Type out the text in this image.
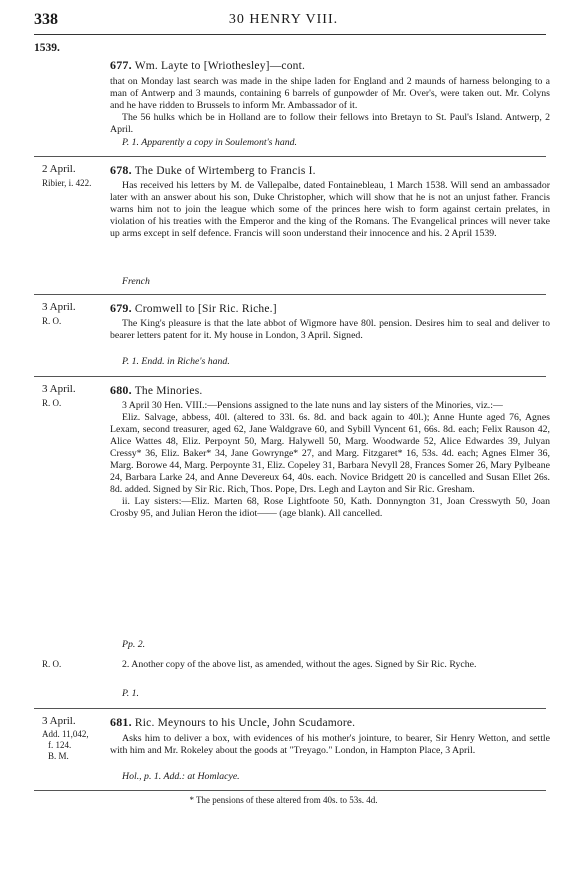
338	30 HENRY VIII.
1539.
677. Wm. Layte to [Wriothesley]—cont.

that on Monday last search was made in the shipe laden for England and 2 maunds of harness belonging to a man of Antwerp and 3 maunds, containing 6 barrels of gunpowder of Mr. Over's, were taken out. Mr. Colyns and he have ridden to Brussels to inform Mr. Ambassador of it.

The 56 hulks which be in Holland are to follow their fellows into Bretayn to St. Paul's Island. Antwerp, 2 April.

P. 1. Apparently a copy in Soulemont's hand.
2 April.
Ribier, i. 422.
678. The Duke of Wirtemberg to Francis I.

Has received his letters by M. de Vallepalbe, dated Fontainebleau, 1 March 1538. Will send an ambassador later with an answer about his son, Duke Christopher, which will show that he is not an unjust father. Francis warns him not to join the league which some of the princes here wish to form against certain prelates, in violation of his treaties with the Emperor and the king of the Romans. The Evangelical princes will never take up arms except in self defence. Francis will soon understand their innocence and his. 2 April 1539.

French
3 April.
R. O.
679. Cromwell to [Sir Ric. Riche.]

The King's pleasure is that the late abbot of Wigmore have 80l. pension. Desires him to seal and deliver to bearer letters patent for it. My house in London, 3 April. Signed.

P. 1. Endd. in Riche's hand.
3 April.
R. O.
680. The Minories.

3 April 30 Hen. VIII.:—Pensions assigned to the late nuns and lay sisters of the Minories, viz.:—

Eliz. Salvage, abbess, 40l. (altered to 33l. 6s. 8d. and back again to 40l.); Anne Hunte aged 76, Agnes Lexam, second treasurer, aged 62, Jane Waldgrave 60, and Sybill Vyncent 61, 66s. 8d. each; Felix Rauson 42, Alice Wattes 48, Eliz. Perpoynt 50, Marg. Halywell 50, Marg. Woodwarde 52, Alice Edwardes 39, Julyan Cressy* 36, Eliz. Baker* 34, Jane Gowrynge* 27, and Marg. Fitzgaret* 16, 53s. 4d. each; Agnes Elmer 36, Marg. Borowe 44, Marg. Perpoynte 31, Eliz. Copeley 31, Barbara Nevyll 28, Frances Somer 26, Mary Pylbeane 24, Barbara Larke 24, and Anne Devereux 64, 40s. each. Novice Bridgett 20 is cancelled and Susan Ellet 26s. 8d. added. Signed by Sir Ric. Rich, Thos. Pope, Drs. Legh and Layton and Sir Ric. Gresham.

ii. Lay sisters:—Eliz. Marten 68, Rose Lightfoote 50, Kath. Donnyngton 31, Joan Cresswyth 50, Joan Crosby 95, and Julian Heron the idiot—— (age blank). All cancelled.

Pp. 2.
R. O.	2. Another copy of the above list, as amended, without the ages. Signed by Sir Ric. Ryche.

P. 1.
3 April.
Add. 11,042,
f. 124.
B. M.
681. Ric. Meynours to his Uncle, John Scudamore.

Asks him to deliver a box, with evidences of his mother's jointure, to bearer, Sir Henry Wetton, and settle with him and Mr. Rokeley about the goods at "Treyago." London, in Hampton Place, 3 April.

Hol., p. 1. Add.: at Homlacye.
* The pensions of these altered from 40s. to 53s. 4d.
